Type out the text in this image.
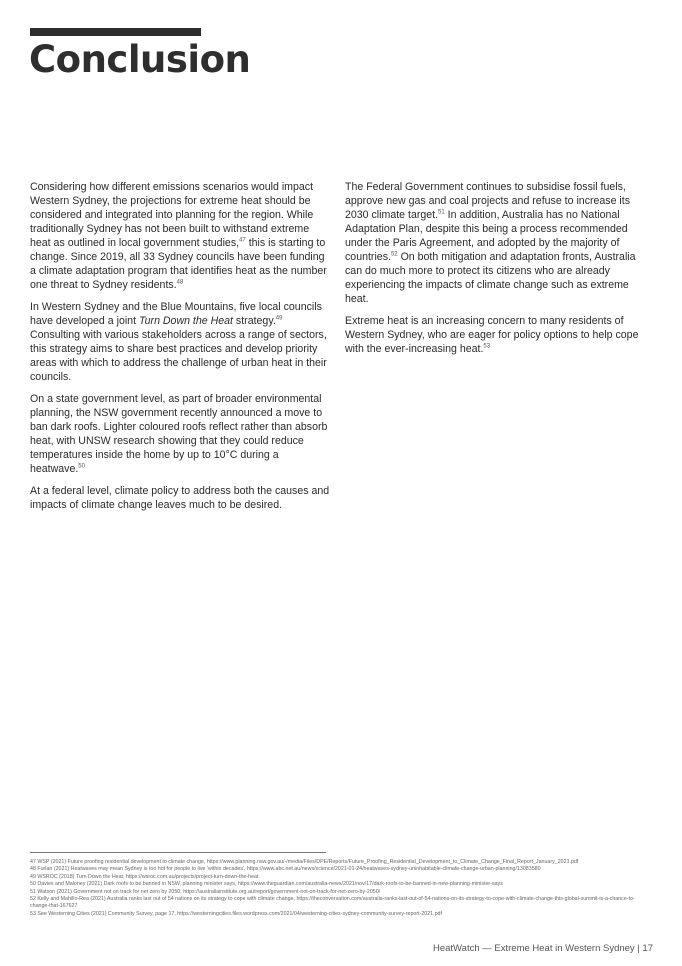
Conclusion

Considering how different emissions scenarios would impact Western Sydney, the projections for extreme heat should be considered and integrated into planning for the region. While traditionally Sydney has not been built to withstand extreme heat as outlined in local government studies,$^{47}$ this is starting to change. Since 2019, all 33 Sydney councils have been funding a climate adaptation program that identifies heat as the number one threat to Sydney residents.$^{48}$

In Western Sydney and the Blue Mountains, five local councils have developed a joint Turn Down the Heat strategy.$^{49}$ Consulting with various stakeholders across a range of sectors, this strategy aims to share best practices and develop priority areas with which to address the challenge of urban heat in their councils.

On a state government level, as part of broader environmental planning, the NSW government recently announced a move to ban dark roofs. Lighter coloured roofs reflect rather than absorb heat, with UNSW research showing that they could reduce temperatures inside the home by up to 10°C during a heatwave.$^{50}$

At a federal level, climate policy to address both the causes and impacts of climate change leaves much to be desired.

The Federal Government continues to subsidise fossil fuels, approve new gas and coal projects and refuse to increase its 2030 climate target.$^{51}$ In addition, Australia has no National Adaptation Plan, despite this being a process recommended under the Paris Agreement, and adopted by the majority of countries.$^{52}$ On both mitigation and adaptation fronts, Australia can do much more to protect its citizens who are already experiencing the impacts of climate change such as extreme heat.

Extreme heat is an increasing concern to many residents of Western Sydney, who are eager for policy options to help cope with the ever-increasing heat.$^{53}$

47 WSP (2021) Future proofing residential development to climate change, https://www.planning.nsw.gov.au/-/media/Files/DPE/Reports/Future_Proofing_Residential_Development_to_Climate_Change_Final_Report_January_2021.pdf
48 Furlan (2021) Heatwaves may mean Sydney is too hot for people to live 'within decades', https://www.abc.net.au/news/science/2021-01-24/heatwaves-sydney-uninhabitable-climate-change-urban-planning/13083580
49 WSROC (2018) Turn Down the Heat, https://wsroc.com.au/projects/project-turn-down-the-heat
50 Davies and Maloney (2021) Dark roofs to be banned in NSW, planning minister says, https://www.theguardian.com/australia-news/2021/nov/17/dark-roofs-to-be-banned-in-new-planning-minister-says
51 Watson (2021) Government not on track for net zero by 2050, https://australiainstitute.org.au/report/government-not-on-track-for-net-zero-by-2050/
52 Kelly and Mahillo-Rea (2021) Australia ranks last out of 54 nations on its strategy to cope with climate change, https://theconversation.com/australia-ranks-last-out-of-54-nations-on-its-strategy-to-cope-with-climate-change-this-global-summit-is-a-chance-to-change-that-167627
53 See Westerning Cities (2021) Community Survey, page 17, https://westerningcities.files.wordpress.com/2021/04/westerning-cities-sydney-community-survey-report-2021.pdf
HeatWatch — Extreme Heat in Western Sydney | 17
